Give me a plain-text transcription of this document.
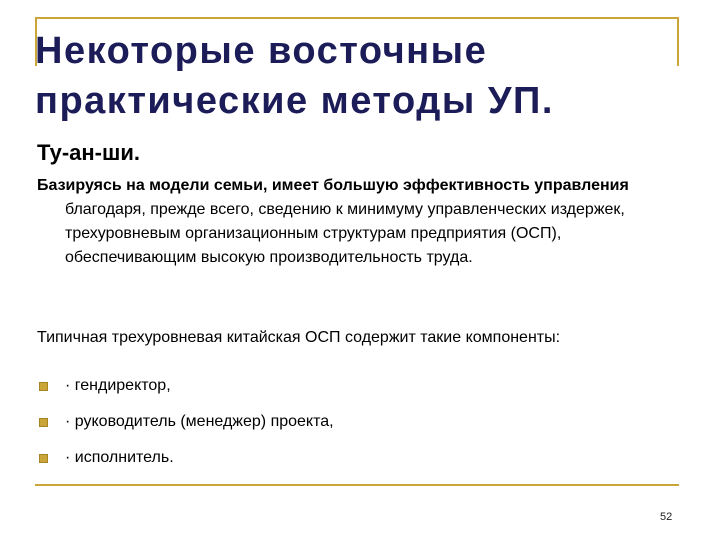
Некоторые восточные
практические методы УП.
Ту-ан-ши.

Базируясь на модели семьи, имеет большую эффективность управления благодаря, прежде всего, сведению к минимуму управленческих издержек, трехуровневым организационным структурам предприятия (ОСП), обеспечивающим высокую производительность труда.

Типичная трехуровневая китайская ОСП содержит такие компоненты:

· гендиректор,
· руководитель (менеджер) проекта,
· исполнитель.
52
